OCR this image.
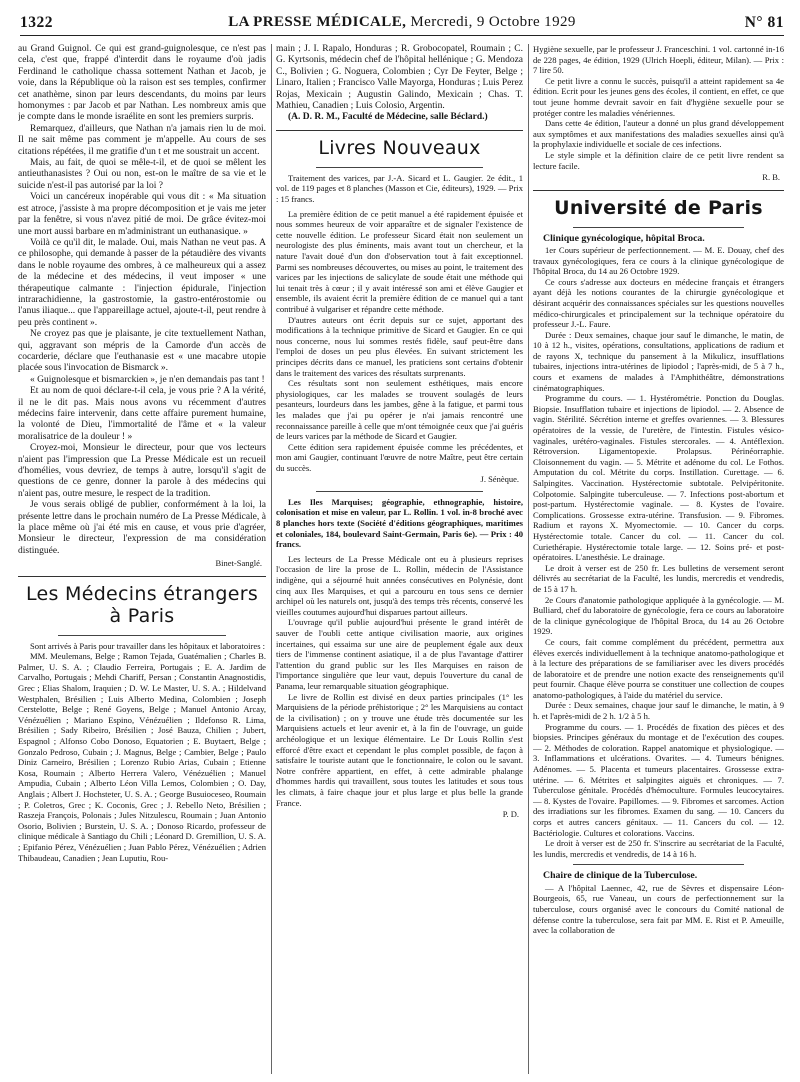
1322	LA PRESSE MÉDICALE, Mercredi, 9 Octobre 1929	N° 81

au Grand Guignol. Ce qui est grand-guignolesque, ce n'est pas cela, c'est que, frappé d'interdit dans le royaume d'où jadis Ferdinand le catholique chassa sottement Nathan et Jacob, je voie, dans la République où la raison est ses temples, confirmer cet anathème, sinon par leurs descendants, du moins par leurs homonymes : par Jacob et par Nathan. Les nombreux amis que je compte dans le monde israélite en sont les premiers surpris.

Remarquez, d'ailleurs, que Nathan n'a jamais rien lu de moi. Il ne sait même pas comment je m'appelle. Au cours de ses citations répétées, il me gratifie d'un t et me soustrait un accent.

Mais, au fait, de quoi se mêle-t-il, et de quoi se mêlent les antieuthanasistes ? Oui ou non, est-on le maître de sa vie et le suicide n'est-il pas autorisé par la loi ?

Voici un cancéreux inopérable qui vous dit : « Ma situation est atroce, j'assiste à ma propre décomposition et je vais me jeter par la fenêtre, si vous n'avez pitié de moi. De grâce évitez-moi une mort aussi barbare en m'administrant un euthanasique. »

Voilà ce qu'il dit, le malade. Oui, mais Nathan ne veut pas. A ce philosophe, qui demande à passer de la pétaudière des vivants dans le noble royaume des ombres, à ce malheureux qui a assez de la médecine et des médecins, il veut imposer « une thérapeutique calmante : l'injection épidurale, l'injection intrarachidienne, la gastrostomie, la gastro-entérostomie ou l'anus iliaque... que l'appareillage actuel, ajoute-t-il, peut rendre à peu près continent ».

Ne croyez pas que je plaisante, je cite textuellement Nathan, qui, aggravant son mépris de la Camorde d'un accès de cocarderie, déclare que l'euthanasie est « une macabre utopie placée sous l'invocation de Bismarck ».

« Guignolesque et bismarckien », je n'en demandais pas tant !

Et au nom de quoi déclare-t-il cela, je vous prie ? A la vérité, il ne le dit pas. Mais nous avons vu récemment d'autres médecins faire intervenir, dans cette affaire purement humaine, la volonté de Dieu, l'immortalité de l'âme et « la valeur moralisatrice de la douleur ! »

Croyez-moi, Monsieur le directeur, pour que vos lecteurs n'aient pas l'impression que La Presse Médicale est un recueil d'homélies, vous devriez, de temps à autre, lorsqu'il s'agit de questions de ce genre, donner la parole à des médecins qui n'aient pas, outre mesure, le respect de la tradition.

Je vous serais obligé de publier, conformément à la loi, la présente lettre dans le prochain numéro de La Presse Médicale, à la place même où j'ai été mis en cause, et vous prie d'agréer, Monsieur le directeur, l'expression de ma considération distinguée.

Binet-Sanglé.

Les Médecins étrangers à Paris

Sont arrivés à Paris pour travailler dans les hôpitaux et laboratoires :

MM. Meulemans, Belge ; Ramon Tejada, Guatémalien ; Charles B. Palmer, U. S. A. ; Claudio Ferreira, Portugais ; E. A. Jardim de Carvalho, Portugais ; Mehdi Chariff, Persan ; Constantin Anagnostidis, Grec ; Elias Shalom, Iraquien ; D. W. Le Master, U. S. A. ; Hildelvand Westphalen, Brésilien ; Luis Alberto Medina, Colombien ; Joseph Cerstelotte, Belge ; René Goyens, Belge ; Manuel Antonio Arcay, Vénézuélien ; Mariano Espino, Vénézuélien ; Ildefonso R. Lima, Brésilien ; Sady Ribeiro, Brésilien ; José Bauza, Chilien ; Jubert, Espagnol ; Alfonso Cobo Donoso, Equatorien ; E. Buytaert, Belge ; Gonzalo Pedroso, Cubain ; J. Magnus, Belge ; Cambier, Belge ; Paulo Diniz Carneiro, Brésilien ; Lorenzo Rubio Arias, Cubain ; Etienne Kosa, Roumain ; Alberto Herrera Valero, Vénézuélien ; Manuel Ampudia, Cubain ; Alberto Léon Villa Lemos, Colombien ; O. Day, Anglais ; Albert J. Hochsteter, U. S. A. ; George Busuioceseo, Roumain ; P. Coletros, Grec ; K. Coconis, Grec ; J. Rebello Neto, Brésilien ; Raszeja François, Polonais ; Jules Nitzulescu, Roumain ; Juan Antonio Osorio, Bolivien ; Burstein, U. S. A. ; Donoso Ricardo, professeur de clinique médicale à Santiago du Chili ; Léonard D. Gremillion, U. S. A. ; Epifanio Pérez, Vénézuélien ; Juan Pablo Pérez, Vénézuélien ; Adrien Thibaudeau, Canadien ; Jean Luputiu, Rou-

main ; J. I. Rapalo, Honduras ; R. Grobocopatel, Roumain ; C. G. Kyrtsonis, médecin chef de l'hôpital hellénique ; G. Mendoza C., Bolivien ; G. Noguera, Colombien ; Cyr De Feyter, Belge ; Linaro, Italien ; Francisco Valle Mayorga, Honduras ; Luis Perez Rojas, Mexicain ; Augustin Galindo, Mexicain ; Chas. T. Mathieu, Canadien ; Luis Colosio, Argentin.

(A. D. R. M., Faculté de Médecine, salle Béclard.)

Livres Nouveaux

Traitement des varices, par J.-A. Sicard et L. Gaugier. 2e édit., 1 vol. de 119 pages et 8 planches (Masson et Cie, éditeurs), 1929. — Prix : 15 francs.

La première édition de ce petit manuel a été rapidement épuisée et nous sommes heureux de voir apparaître et de signaler l'existence de cette nouvelle édition. Le professeur Sicard était non seulement un neurologiste des plus éminents, mais avant tout un chercheur, et la nature l'avait doué d'un don d'observation tout à fait exceptionnel. Parmi ses nombreuses découvertes, ou mises au point, le traitement des varices par les injections de salicylate de soude était une méthode qui lui tenait très à cœur ; il y avait intéressé son ami et élève Gaugier et ensemble, ils avaient écrit la première édition de ce manuel qui a tant contribué à vulgariser et répandre cette méthode.

D'autres auteurs ont écrit depuis sur ce sujet, apportant des modifications à la technique primitive de Sicard et Gaugier. En ce qui nous concerne, nous lui sommes restés fidèle, sauf peut-être dans l'emploi de doses un peu plus élevées. En suivant strictement les principes décrits dans ce manuel, les praticiens sont certains d'obtenir dans le traitement des varices des résultats surprenants.

Ces résultats sont non seulement esthétiques, mais encore physiologiques, car les malades se trouvent soulagés de leurs pesanteurs, lourdeurs dans les jambes, gêne à la fatigue, et parmi tous les malades que j'ai pu opérer je n'ai jamais rencontré une reconnaissance pareille à celle que m'ont témoignée ceux que j'ai guéris de leurs varices par la méthode de Sicard et Gaugier.

Cette édition sera rapidement épuisée comme les précédentes, et mon ami Gaugier, continuant l'œuvre de notre Maître, peut être certain du succès.

J. Sénèque.

Les Iles Marquises; géographie, ethnographie, histoire, colonisation et mise en valeur, par L. Rollin. 1 vol. in-8 broché avec 8 planches hors texte (Société d'éditions géographiques, maritimes et coloniales, 184, boulevard Saint-Germain, Paris 6e). — Prix : 40 francs.

Les lecteurs de La Presse Médicale ont eu à plusieurs reprises l'occasion de lire la prose de L. Rollin, médecin de l'Assistance indigène, qui a séjourné huit années consécutives en Polynésie, dont cinq aux Iles Marquises, et qui a parcouru en tous sens ce dernier archipel où les naturels ont, jusqu'à des temps très récents, conservé les vieilles coutumes aujourd'hui disparues partout ailleurs.

L'ouvrage qu'il publie aujourd'hui présente le grand intérêt de sauver de l'oubli cette antique civilisation maorie, aux origines incertaines, qui essaima sur une aire de peuplement égale aux deux tiers de l'immense continent asiatique, il a de plus l'avantage d'attirer l'attention du grand public sur les Iles Marquises en raison de l'importance singulière que leur vaut, depuis l'ouverture du canal de Panama, leur remarquable situation géographique.

Le livre de Rollin est divisé en deux parties principales (1° les Marquisiens de la période préhistorique ; 2° les Marquisiens au contact de la civilisation) ; on y trouve une étude très documentée sur les Marquisiens actuels et leur avenir et, à la fin de l'ouvrage, un guide archéologique et un lexique élémentaire. Le Dr Louis Rollin s'est efforcé d'être exact et cependant le plus complet possible, de façon à satisfaire le touriste autant que le fonctionnaire, le colon ou le savant. Notre confrère appartient, en effet, à cette admirable phalange d'hommes hardis qui travaillent, sous toutes les latitudes et sous tous les climats, à faire chaque jour et plus large et plus belle la grande France.

P. D.

Hygiène sexuelle, par le professeur J. Franceschini. 1 vol. cartonné in-16 de 228 pages, 4e édition, 1929 (Ulrich Hoepli, éditeur, Milan). — Prix : 7 lire 50.

Ce petit livre a connu le succès, puisqu'il a atteint rapidement sa 4e édition. Ecrit pour les jeunes gens des écoles, il contient, en effet, ce que tout jeune homme devrait savoir en fait d'hygiène sexuelle pour se protéger contre les maladies vénériennes.

Dans cette 4e édition, l'auteur a donné un plus grand développement aux symptômes et aux manifestations des maladies sexuelles ainsi qu'à la prophylaxie individuelle et sociale de ces infections.

Le style simple et la définition claire de ce petit livre rendent sa lecture facile.

R. B.

Université de Paris
Clinique gynécologique, hôpital Broca.

1er Cours supérieur de perfectionnement. — M. E. Douay, chef des travaux gynécologiques, fera ce cours à la clinique gynécologique de l'hôpital Broca, du 14 au 26 Octobre 1929.

Ce cours s'adresse aux docteurs en médecine français et étrangers ayant déjà les notions courantes de la chirurgie gynécologique et désirant acquérir des connaissances spéciales sur les questions nouvelles médico-chirurgicales et principalement sur la technique opératoire du professeur J.-L. Faure.

Durée : Deux semaines, chaque jour sauf le dimanche, le matin, de 10 à 12 h., visites, opérations, consultations, applications de radium et de rayons X, technique du pansement à la Mikulicz, insufflations tubaires, injections intra-utérines de lipiodol ; l'après-midi, de 5 à 7 h., cours et examens de malades à l'Amphithéâtre, démonstrations cinématographiques.

Programme du cours. — 1. Hystérométrie. Ponction du Douglas. Biopsie. Insufflation tubaire et injections de lipiodol. — 2. Absence de vagin. Stérilité. Sécrétion interne et greffes ovariennes. — 3. Blessures opératoires de la vessie, de l'uretère, de l'intestin. Fistules vésico-vaginales, urétéro-vaginales. Fistules stercorales. — 4. Antéflexion. Rétroversion. Ligamentopexie. Prolapsus. Périnéorraphie. Cloisonnement du vagin. — 5. Métrite et adénome du col. Le Fothos. Amputation du col. Métrite du corps. Instillation. Curettage. — 6. Salpingites. Vaccination. Hystérectomie subtotale. Pelvipéritonite. Colpotomie. Salpingite tuberculeuse. — 7. Infections post-abortum et post-partum. Hystérectomie vaginale. — 8. Kystes de l'ovaire. Complications. Grossesse extra-utérine. Transfusion. — 9. Fibromes. Radium et rayons X. Myomectomie. — 10. Cancer du corps. Hystérectomie totale. Cancer du col. — 11. Cancer du col. Curiethérapie. Hystérectomie totale large. — 12. Soins pré- et post-opératoires. L'anesthésie. Le drainage.

Le droit à verser est de 250 fr. Les bulletins de versement seront délivrés au secrétariat de la Faculté, les lundis, mercredis et vendredis, de 15 à 17 h.

2e Cours d'anatomie pathologique appliquée à la gynécologie. — M. Bulliard, chef du laboratoire de gynécologie, fera ce cours au laboratoire de la clinique gynécologique de l'hôpital Broca, du 14 au 26 Octobre 1929.

Ce cours, fait comme complément du précédent, permettra aux élèves exercés individuellement à la technique anatomo-pathologique et à la lecture des préparations de se familiariser avec les divers procédés de laboratoire et de prendre une notion exacte des renseignements qu'il peut fournir. Chaque élève pourra se constituer une collection de coupes anatomo-pathologiques, à l'aide du matériel du service.

Durée : Deux semaines, chaque jour sauf le dimanche, le matin, à 9 h. et l'après-midi de 2 h. 1/2 à 5 h.

Programme du cours. — 1. Procédés de fixation des pièces et des biopsies. Principes généraux du montage et de l'exécution des coupes. — 2. Méthodes de coloration. Rappel anatomique et physiologique. — 3. Inflammations et ulcérations. Ovarites. — 4. Tumeurs bénignes. Adénomes. — 5. Placenta et tumeurs placentaires. Grossesse extra-utérine. — 6. Métrites et salpingites aiguës et chroniques. — 7. Tuberculose génitale. Procédés d'hémoculture. Formules leucocytaires. — 8. Kystes de l'ovaire. Papillomes. — 9. Fibromes et sarcomes. Action des irradiations sur les fibromes. Examen du sang. — 10. Cancers du corps et autres cancers génitaux. — 11. Cancers du col. — 12. Bactériologie. Cultures et colorations. Vaccins.

Le droit à verser est de 250 fr. S'inscrire au secrétariat de la Faculté, les lundis, mercredis et vendredis, de 14 à 16 h.

Chaire de clinique de la Tuberculose.

— A l'hôpital Laennec, 42, rue de Sèvres et dispensaire Léon-Bourgeois, 65, rue Vaneau, un cours de perfectionnement sur la tuberculose, cours organisé avec le concours du Comité national de défense contre la tuberculose, sera fait par MM. E. Rist et P. Ameuille, avec la collaboration de
